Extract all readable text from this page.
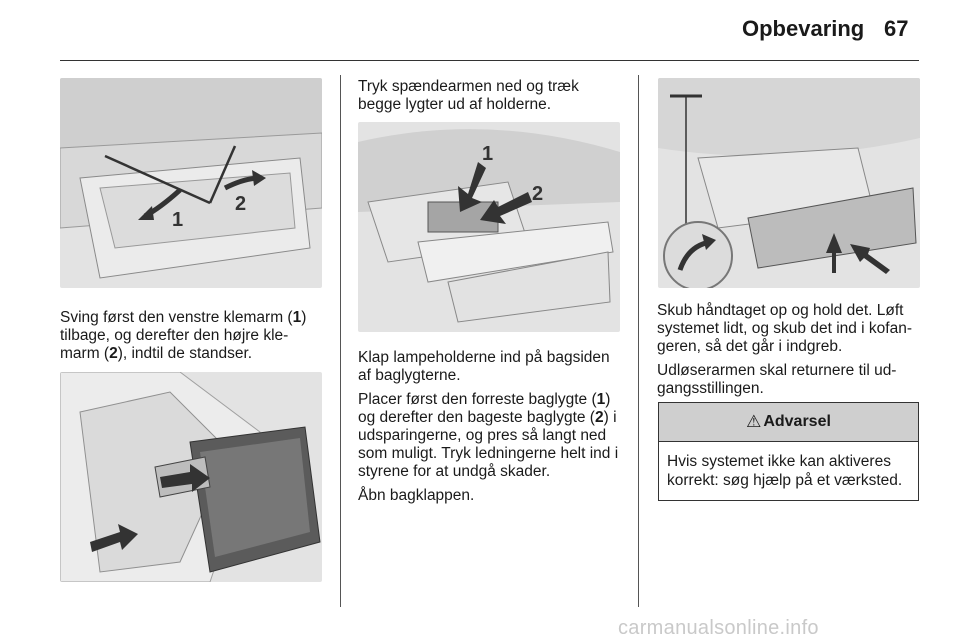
Opbevaring 67
1
2

Sving først den venstre klemarm (1) tilbage, og derefter den højre kle-marm (2), indtil de standser.

Tryk spændearmen ned og træk begge lygter ud af holderne.

1
2

Klap lampeholderne ind på bagsiden af baglygterne.

Placer først den forreste baglygte (1) og derefter den bageste baglygte (2) i udsparingerne, og pres så langt ned som muligt. Tryk ledningerne helt ind i styrene for at undgå skader.

Åbn bagklappen.

Skub håndtaget op og hold det. Løft systemet lidt, og skub det ind i kofan-geren, så det går i indgreb.

Udløserarmen skal returnere til ud-gangsstillingen.

⚠ Advarsel
Hvis systemet ikke kan aktiveres korrekt: søg hjælp på et værksted.
carmanualsonline.info
